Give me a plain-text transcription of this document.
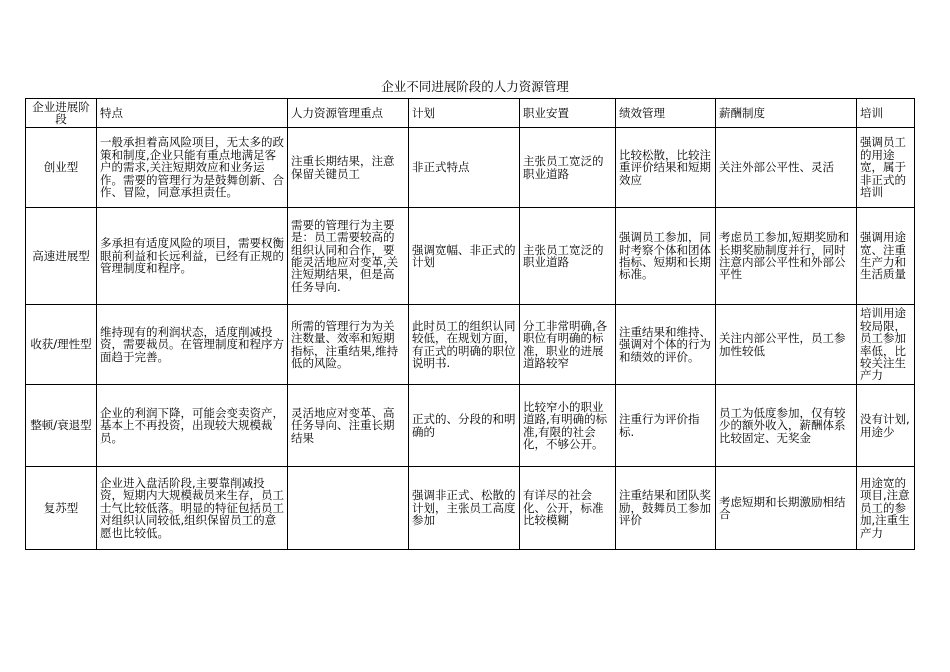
企业不同进展阶段的人力资源管理
企业进展阶段	特点	人力资源管理重点	计划	职业安置	绩效管理	薪酬制度	培训
创业型	一般承担着高风险项目，无太多的政策和制度,企业只能有重点地满足客户的需求,关注短期效应和业务运作。需要的管理行为是鼓舞创新、合作、冒险，同意承担责任。	注重长期结果，注意保留关键员工	非正式特点	主张员工宽泛的职业道路	比较松散，比较注重评价结果和短期效应	关注外部公平性、灵活	强调员工的用途宽，属于非正式的培训
高速进展型	多承担有适度风险的项目，需要权衡眼前利益和长远利益，已经有正规的管理制度和程序。	需要的管理行为主要是：员工需要较高的组织认同和合作，要能灵活地应对变革,关注短期结果，但是高任务导向.	强调宽幅、非正式的计划	主张员工宽泛的职业道路	强调员工参加，同时考察个体和团体指标、短期和长期标准。	考虑员工参加,短期奖励和长期奖励制度并行，同时注意内部公平性和外部公平性	强调用途宽、注重生产力和生活质量
收获/理性型	维持现有的利润状态，适度削减投资，需要裁员。在管理制度和程序方面趋于完善。	所需的管理行为为关注数量、效率和短期指标，注重结果,维持低的风险。	此时员工的组织认同较低，在规划方面，有正式的明确的职位说明书.	分工非常明确,各职位有明确的标准，职业的进展道路较窄	注重结果和维持、强调对个体的行为和绩效的评价。	关注内部公平性，员工参加性较低	培训用途较局限，员工参加率低，比较关注生产力
整顿/衰退型	企业的利润下降，可能会变卖资产，基本上不再投资，出现较大规模裁员。	灵活地应对变革、高任务导向、注重长期结果	正式的、分段的和明确的	比较窄小的职业道路,有明确的标准,有限的社会化，不够公开。	注重行为评价指标.	员工为低度参加，仅有较少的额外收入，薪酬体系比较固定、无奖金	没有计划,用途少
复苏型	企业进入盘活阶段,主要靠削减投资，短期内大规模裁员来生存，员工士气比较低落。明显的特征包括员工对组织认同较低,组织保留员工的意愿也比较低。		强调非正式、松散的计划，主张员工高度参加	有详尽的社会化、公开，标准比较模糊	注重结果和团队奖励，鼓舞员工参加评价	考虑短期和长期激励相结合	用途宽的项目,注意员工的参加,注重生产力
